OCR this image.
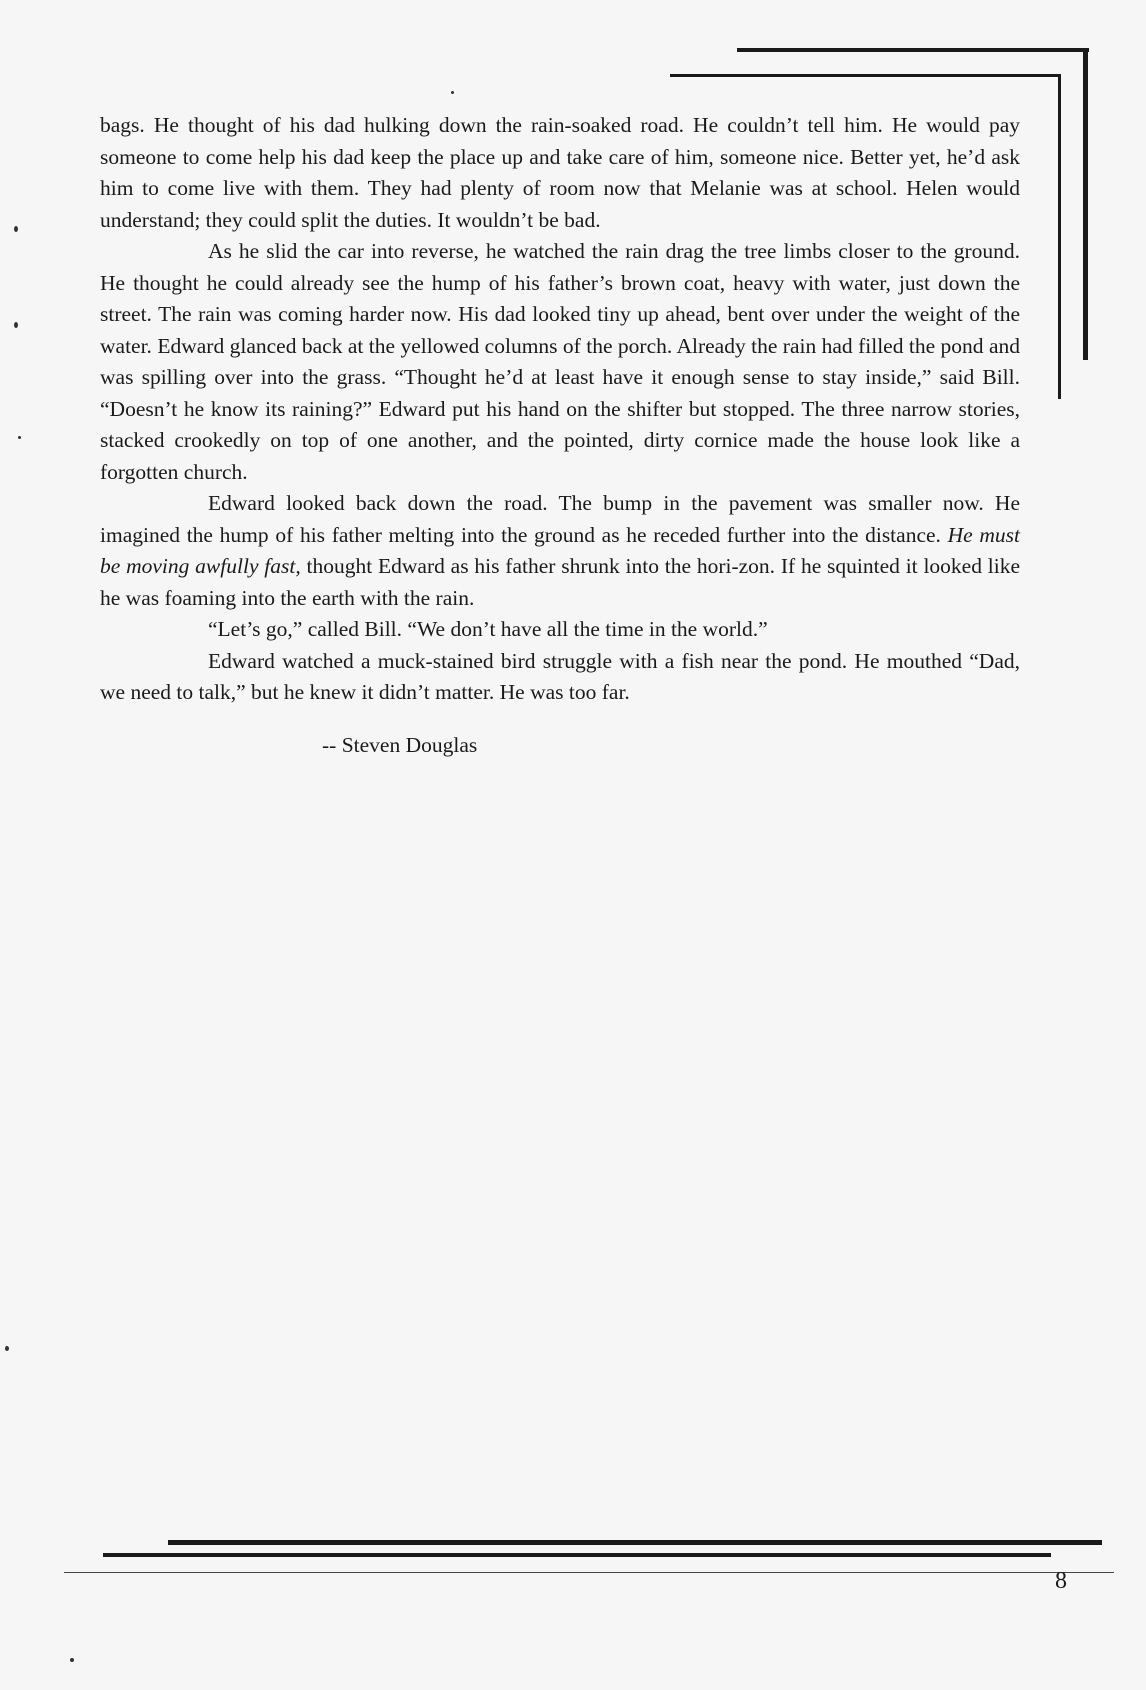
bags. He thought of his dad hulking down the rain-soaked road. He couldn’t tell him. He would pay someone to come help his dad keep the place up and take care of him, someone nice. Better yet, he’d ask him to come live with them. They had plenty of room now that Melanie was at school. Helen would understand; they could split the duties. It wouldn’t be bad.

As he slid the car into reverse, he watched the rain drag the tree limbs closer to the ground. He thought he could already see the hump of his father’s brown coat, heavy with water, just down the street. The rain was coming harder now. His dad looked tiny up ahead, bent over under the weight of the water. Edward glanced back at the yellowed columns of the porch. Already the rain had filled the pond and was spilling over into the grass. “Thought he’d at least have it enough sense to stay inside,” said Bill. “Doesn’t he know its raining?” Edward put his hand on the shifter but stopped. The three narrow stories, stacked crookedly on top of one another, and the pointed, dirty cornice made the house look like a forgotten church.

Edward looked back down the road. The bump in the pavement was smaller now. He imagined the hump of his father melting into the ground as he receded further into the distance. He must be moving awfully fast, thought Edward as his father shrunk into the hori-zon. If he squinted it looked like he was foaming into the earth with the rain.

“Let’s go,” called Bill. “We don’t have all the time in the world.”

Edward watched a muck-stained bird struggle with a fish near the pond. He mouthed “Dad, we need to talk,” but he knew it didn’t matter. He was too far.

-- Steven Douglas
8
